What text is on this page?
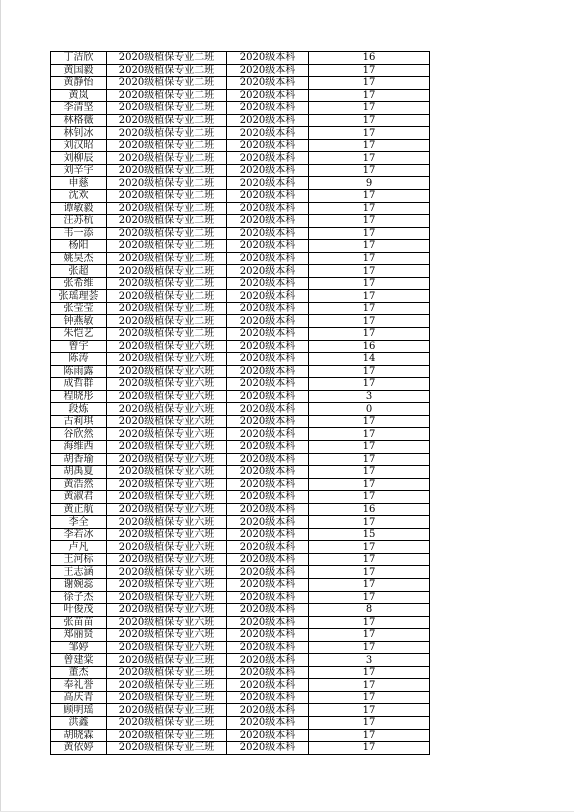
丁洁欣	2020级植保专业二班	2020级本科	16
黄国毅	2020级植保专业二班	2020级本科	17
黄静怡	2020级植保专业二班	2020级本科	17
黄岚	2020级植保专业二班	2020级本科	17
李清坚	2020级植保专业二班	2020级本科	17
林格薇	2020级植保专业二班	2020级本科	17
林钊冰	2020级植保专业二班	2020级本科	17
刘汉昭	2020级植保专业二班	2020级本科	17
刘柳辰	2020级植保专业二班	2020级本科	17
刘辛宇	2020级植保专业二班	2020级本科	17
申慈	2020级植保专业二班	2020级本科	9
沈欢	2020级植保专业二班	2020级本科	17
谭敏毅	2020级植保专业二班	2020级本科	17
汪苏杭	2020级植保专业二班	2020级本科	17
韦一添	2020级植保专业二班	2020级本科	17
杨阳	2020级植保专业二班	2020级本科	17
姚昊杰	2020级植保专业二班	2020级本科	17
张超	2020级植保专业二班	2020级本科	17
张希维	2020级植保专业二班	2020级本科	17
张瑶理荟	2020级植保专业二班	2020级本科	17
张莹莹	2020级植保专业二班	2020级本科	17
钟燕敏	2020级植保专业二班	2020级本科	17
朱恺艺	2020级植保专业二班	2020级本科	17
曾宇	2020级植保专业六班	2020级本科	16
陈涛	2020级植保专业六班	2020级本科	14
陈雨露	2020级植保专业六班	2020级本科	17
成哲群	2020级植保专业六班	2020级本科	17
程晓彤	2020级植保专业六班	2020级本科	3
段炼	2020级植保专业六班	2020级本科	0
古莉琪	2020级植保专业六班	2020级本科	17
谷欣然	2020级植保专业六班	2020级本科	17
海维西	2020级植保专业六班	2020级本科	17
胡香瑜	2020级植保专业六班	2020级本科	17
胡禹夏	2020级植保专业六班	2020级本科	17
黄浩然	2020级植保专业六班	2020级本科	17
黄淑君	2020级植保专业六班	2020级本科	17
黄正航	2020级植保专业六班	2020级本科	16
李全	2020级植保专业六班	2020级本科	17
李若冰	2020级植保专业六班	2020级本科	15
卢凡	2020级植保专业六班	2020级本科	17
王河标	2020级植保专业六班	2020级本科	17
王志涵	2020级植保专业六班	2020级本科	17
谢婉蕊	2020级植保专业六班	2020级本科	17
徐子杰	2020级植保专业六班	2020级本科	17
叶俊茂	2020级植保专业六班	2020级本科	8
张苗苗	2020级植保专业六班	2020级本科	17
郑丽贤	2020级植保专业六班	2020级本科	17
邹婷	2020级植保专业六班	2020级本科	17
曾建棠	2020级植保专业三班	2020级本科	3
董杰	2020级植保专业三班	2020级本科	17
奉礼誉	2020级植保专业三班	2020级本科	17
高庆青	2020级植保专业三班	2020级本科	17
顾明瑶	2020级植保专业三班	2020级本科	17
洪鑫	2020级植保专业三班	2020级本科	17
胡晓霖	2020级植保专业三班	2020级本科	17
黄依婷	2020级植保专业三班	2020级本科	17
